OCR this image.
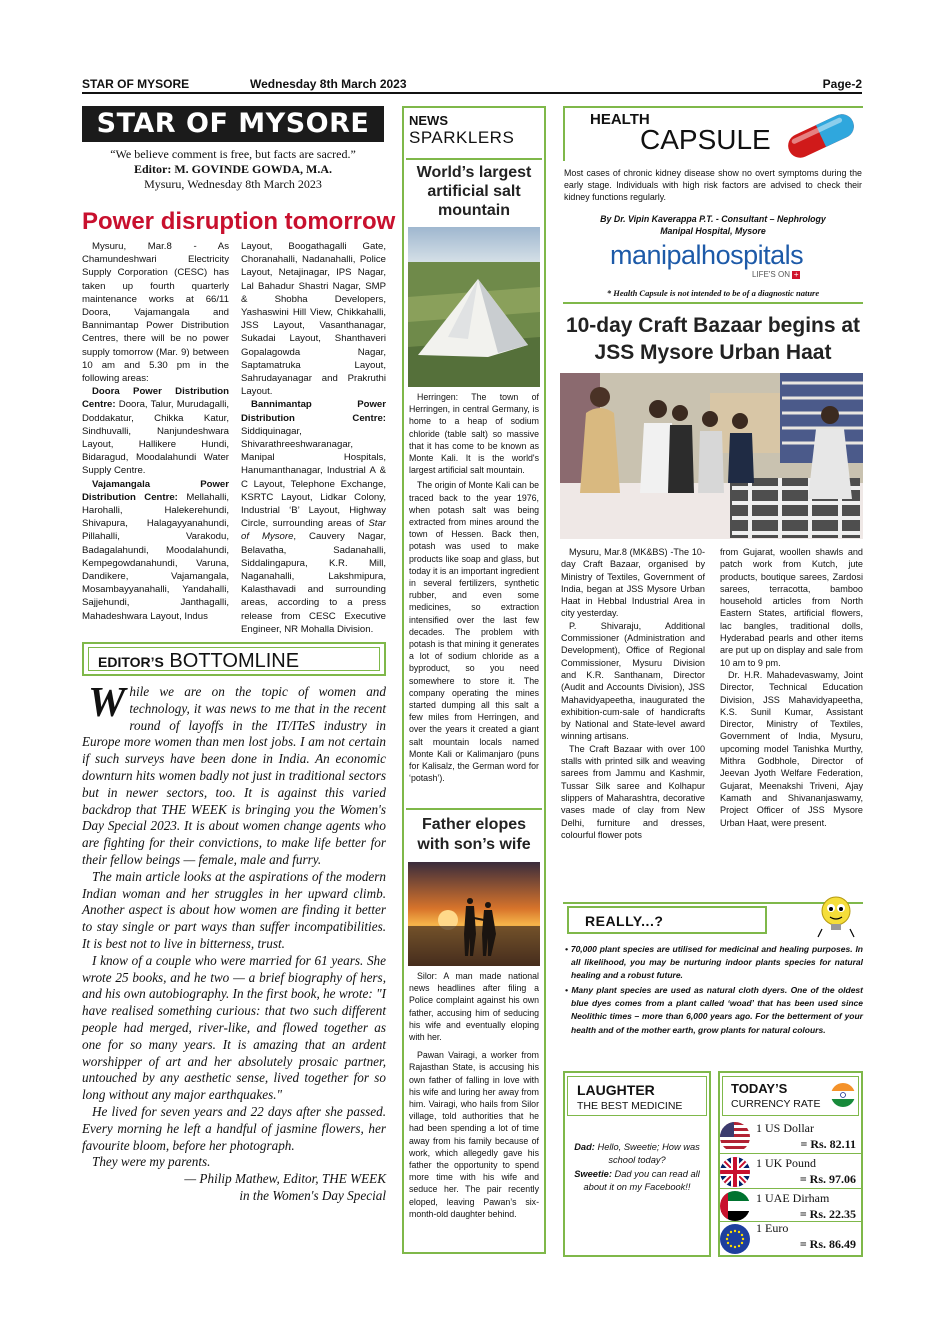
STAR OF MYSORE	Wednesday 8th March 2023	Page-2
STAR OF MYSORE
“We believe comment is free, but facts are sacred.”
Editor: M. GOVINDE GOWDA, M.A.
Mysuru, Wednesday 8th March 2023
Power disruption tomorrow

Mysuru, Mar.8 - As Chamundeshwari Electricity Supply Corporation (CESC) has taken up fourth quarterly maintenance works at 66/11 Doora, Vajamangala and Bannimantap Power Distribution Centres, there will be no power supply tomorrow (Mar. 9) between 10 am and 5.30 pm in the following areas:

Doora Power Distribution Centre: Doora, Talur, Murudagalli, Doddakatur, Chikka Katur, Sindhuvalli, Nanjundeshwara Layout, Hallikere Hundi, Bidaragud, Moodalahundi Water Supply Centre.

Vajamangala Power Distribution Centre: Mellahalli, Harohalli, Halekerehundi, Shivapura, Halagayyanahundi, Pillahalli, Varakodu, Badagalahundi, Moodalahundi, Kempegowdanahundi, Varuna, Dandikere, Vajamangala, Mosambayyanahalli, Yandahalli, Sajjehundi, Janthagalli, Mahadeshwara Layout, Indus

Layout, Boogathagalli Gate, Choranahalli, Nadanahalli, Police Layout, Netajinagar, IPS Nagar, Lal Bahadur Shastri Nagar, SMP & Shobha Developers, Yashaswini Hill View, Chikkahalli, JSS Layout, Vasanthanagar, Sukadai Layout, Shanthaveri Gopalagowda Nagar, Saptamatruka Layout, Sahrudayanagar and Prakruthi Layout.

Bannimantap Power Distribution Centre: Siddiquinagar, Shivarathreeshwaranagar, Manipal Hospitals, Hanumanthanagar, Industrial A & C Layout, Telephone Exchange, KSRTC Layout, Lidkar Colony, Industrial ‘B’ Layout, Highway Circle, surrounding areas of Star of Mysore, Cauvery Nagar, Belavatha, Sadanahalli, Siddalingapura, K.R. Mill, Naganahalli, Lakshmipura, Kalasthavadi and surrounding areas, according to a press release from CESC Executive Engineer, NR Mohalla Division.

EDITOR’S BOTTOMLINE

While we are on the topic of women and technology, it was news to me that in the recent round of layoffs in the IT/ITeS industry in Europe more women than men lost jobs. I am not certain if such surveys have been done in India. An economic downturn hits women badly not just in traditional sectors but in newer sectors, too. It is against this varied backdrop that THE WEEK is bringing you the Women's Day Special 2023. It is about women change agents who are fighting for their convictions, to make life better for their fellow beings — female, male and furry.

The main article looks at the aspirations of the modern Indian woman and her struggles in her upward climb. Another aspect is about how women are finding it better to stay single or part ways than suffer incompatibilities. It is best not to live in bitterness, trust.

I know of a couple who were married for 61 years. She wrote 25 books, and he two — a brief biography of hers, and his own autobiography. In the first book, he wrote: "I have realised something curious: that two such different people had merged, river-like, and flowed together as one for so many years. It is amazing that an ardent worshipper of art and her absolutely prosaic partner, untouched by any aesthetic sense, lived together for so long without any major earthquakes."

He lived for seven years and 22 days after she passed. Every morning he left a handful of jasmine flowers, her favourite bloom, before her photograph.

They were my parents.

— Philip Mathew, Editor, THE WEEK

in the Women's Day Special

NEWS
SPARKLERS
World’s largest artificial salt mountain

Herringen: The town of Herringen, in central Germany, is home to a heap of sodium chloride (table salt) so massive that it has come to be known as Monte Kali. It is the world's largest artificial salt mountain.

The origin of Monte Kali can be traced back to the year 1976, when potash salt was being extracted from mines around the town of Hessen. Back then, potash was used to make products like soap and glass, but today it is an important ingredient in several fertilizers, synthetic rubber, and even some medicines, so extraction intensified over the last few decades. The problem with potash is that mining it generates a lot of sodium chloride as a byproduct, so you need somewhere to store it. The company operating the mines started dumping all this salt a few miles from Herringen, and over the years it created a giant salt mountain locals named Monte Kali or Kalimanjaro (puns for Kalisalz, the German word for ‘potash’).

Father elopes with son’s wife

Silor: A man made national news headlines after filing a Police complaint against his own father, accusing him of seducing his wife and eventually eloping with her.

Pawan Vairagi, a worker from Rajasthan State, is accusing his own father of falling in love with his wife and luring her away from him. Vairagi, who hails from Silor village, told authorities that he had been spending a lot of time away from his family because of work, which allegedly gave his father the opportunity to spend more time with his wife and seduce her. The pair recently eloped, leaving Pawan’s six-month-old daughter behind.

HEALTH
CAPSULE
Most cases of chronic kidney disease show no overt symptoms during the early stage. Individuals with high risk factors are advised to check their kidney functions regularly.
By Dr. Vipin Kaverappa P.T. - Consultant – Nephrology
Manipal Hospital, Mysore
manipalhospitals
LIFE'S ON +
* Health Capsule is not intended to be of a diagnostic nature
10-day Craft Bazaar begins at JSS Mysore Urban Haat

Mysuru, Mar.8 (MK&BS) -The 10-day Craft Bazaar, organised by Ministry of Textiles, Government of India, began at JSS Mysore Urban Haat in Hebbal Industrial Area in city yesterday.

P. Shivaraju, Additional Commissioner (Administration and Development), Office of Regional Commissioner, Mysuru Division and K.R. Santhanam, Director (Audit and Accounts Division), JSS Mahavidyapeetha, inaugurated the exhibition-cum-sale of handicrafts by National and State-level award winning artisans.

The Craft Bazaar with over 100 stalls with printed silk and weaving sarees from Jammu and Kashmir, Tussar Silk saree and Kolhapur slippers of Maharashtra, decorative vases made of clay from New Delhi, furniture and dresses, colourful flower pots

from Gujarat, woollen shawls and patch work from Kutch, jute products, boutique sarees, Zardosi sarees, terracotta, bamboo household articles from North Eastern States, artificial flowers, lac bangles, traditional dolls, Hyderabad pearls and other items are put up on display and sale from 10 am to 9 pm.

Dr. H.R. Mahadevaswamy, Joint Director, Technical Education Division, JSS Mahavidyapeetha, K.S. Sunil Kumar, Assistant Director, Ministry of Textiles, Government of India, Mysuru, upcoming model Tanishka Murthy, Mithra Godbhole, Director of Jeevan Jyoth Welfare Federation, Gujarat, Meenakshi Triveni, Ajay Kamath and Shivananjaswamy, Project Officer of JSS Mysore Urban Haat, were present.

REALLY...?
• 70,000 plant species are utilised for medicinal and healing purposes. In all likelihood, you may be nurturing indoor plants species for natural healing and a robust future.
• Many plant species are used as natural cloth dyers. One of the oldest blue dyes comes from a plant called ‘woad’ that has been used since Neolithic times – more than 6,000 years ago. For the betterment of your health and of the mother earth, grow plants for natural colours.
LAUGHTER
THE BEST MEDICINE

Dad: Hello, Sweetie; How was school today?

Sweetie: Dad you can read all about it on my Facebook!!

TODAY’S
CURRENCY RATE
1 US Dollar
= Rs. 82.11
1 UK Pound
= Rs. 97.06
1 UAE Dirham
= Rs. 22.35
1 Euro
= Rs. 86.49
